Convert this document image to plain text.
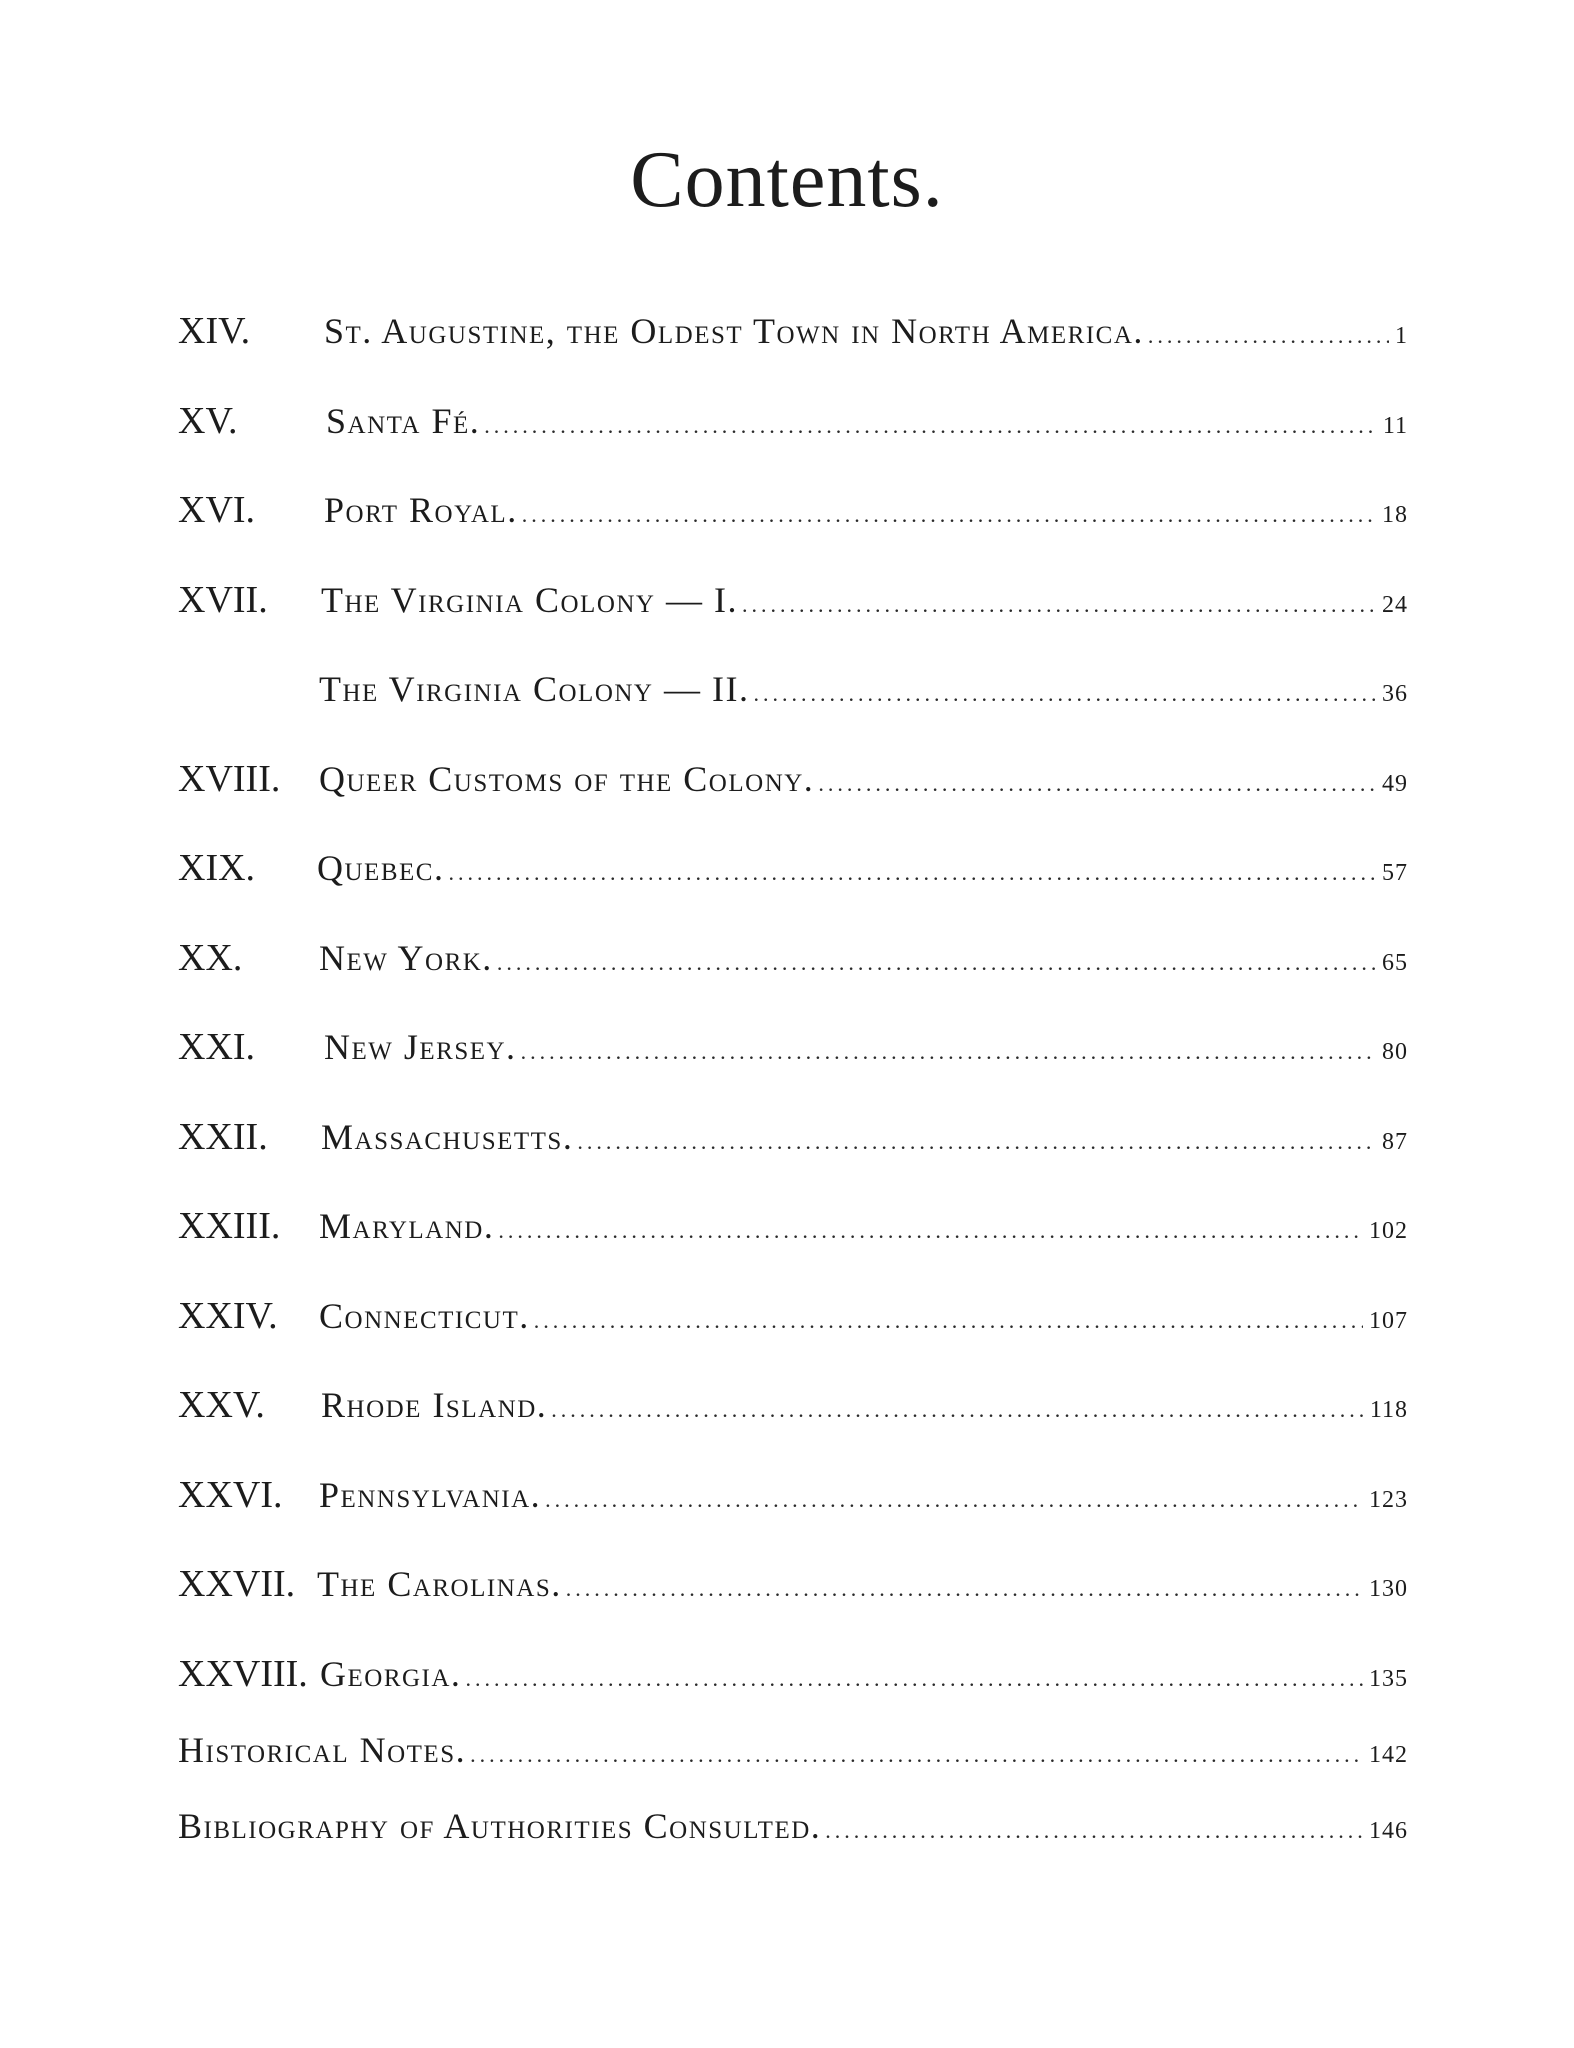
Contents.
XIV.	St. Augustine, the Oldest Town in North America. .....	1
XV.	Santa Fé. .....	11
XVI.	Port Royal. .....	18
XVII.	The Virginia Colony — I. .....	24
The Virginia Colony — II. .....	36
XVIII.	Queer Customs of the Colony. .....	49
XIX.	Quebec. .....	57
XX.	New York. .....	65
XXI.	New Jersey. .....	80
XXII.	Massachusetts. .....	87
XXIII.	Maryland. .....	102
XXIV.	Connecticut. .....	107
XXV.	Rhode Island. .....	118
XXVI.	Pennsylvania. .....	123
XXVII. The Carolinas. .....	130
XXVIII. Georgia. .....	135
Historical Notes. .....	142
Bibliography of Authorities Consulted. .....	146
